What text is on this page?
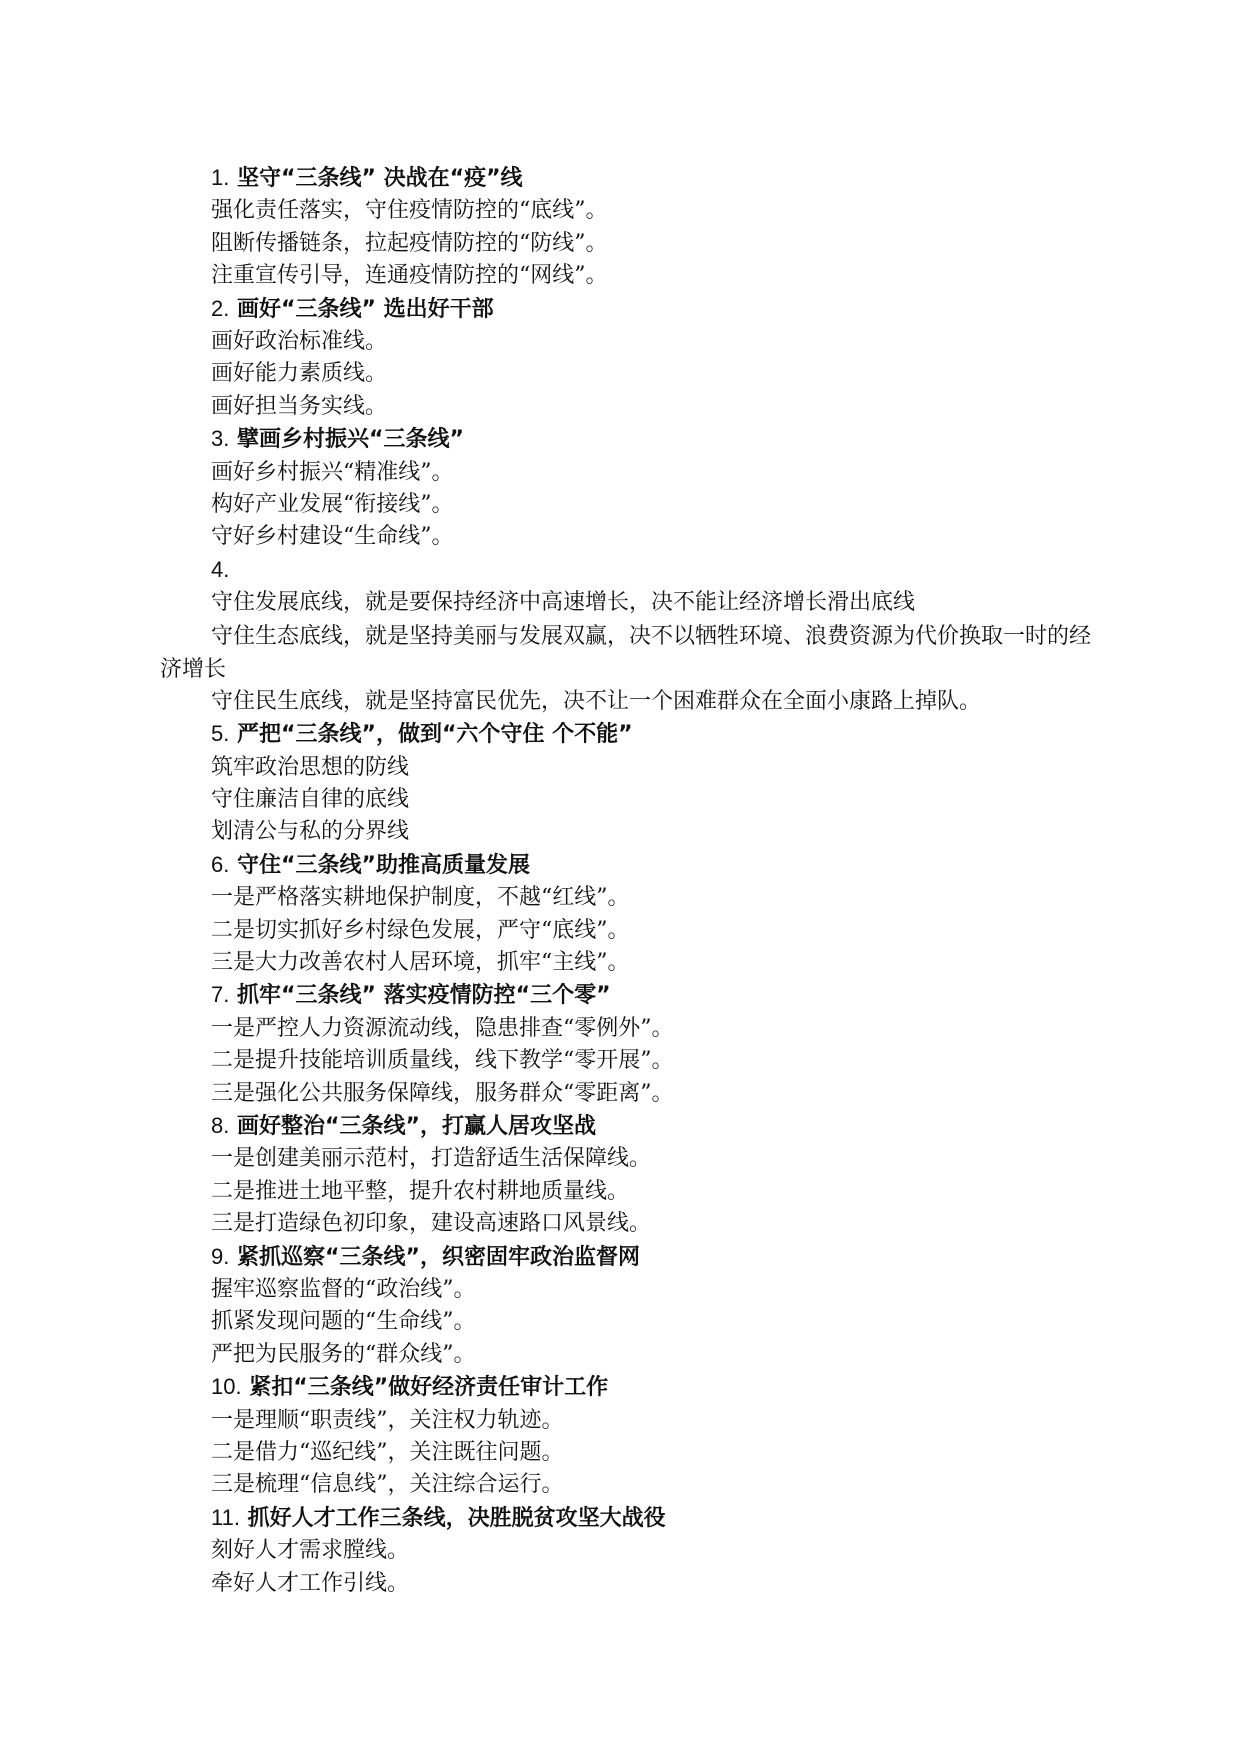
1. 坚守“三条线” 决战在“疫”线
强化责任落实，守住疫情防控的“底线”。
阻断传播链条，拉起疫情防控的“防线”。
注重宣传引导，连通疫情防控的“网线”。
2. 画好“三条线” 选出好干部
画好政治标准线。
画好能力素质线。
画好担当务实线。
3. 擘画乡村振兴“三条线”
画好乡村振兴“精准线”。
构好产业发展“衔接线”。
守好乡村建设“生命线”。
4.
守住发展底线，就是要保持经济中高速增长，决不能让经济增长滑出底线
守住生态底线，就是坚持美丽与发展双赢，决不以牺牲环境、浪费资源为代价换取一时的经济增长
守住民生底线，就是坚持富民优先，决不让一个困难群众在全面小康路上掉队。
5. 严把“三条线”，做到“六个守住 个不能”
筑牢政治思想的防线
守住廉洁自律的底线
划清公与私的分界线
6. 守住“三条线”助推高质量发展
一是严格落实耕地保护制度，不越“红线”。
二是切实抓好乡村绿色发展，严守“底线”。
三是大力改善农村人居环境，抓牢“主线”。
7. 抓牢“三条线” 落实疫情防控“三个零”
一是严控人力资源流动线，隐患排查“零例外”。
二是提升技能培训质量线，线下教学“零开展”。
三是强化公共服务保障线，服务群众“零距离”。
8. 画好整治“三条线”，打赢人居攻坚战
一是创建美丽示范村，打造舒适生活保障线。
二是推进土地平整，提升农村耕地质量线。
三是打造绿色初印象，建设高速路口风景线。
9. 紧抓巡察“三条线”，织密固牢政治监督网
握牢巡察监督的“政治线”。
抓紧发现问题的“生命线”。
严把为民服务的“群众线”。
10. 紧扣“三条线”做好经济责任审计工作
一是理顺“职责线”，关注权力轨迹。
二是借力“巡纪线”，关注既往问题。
三是梳理“信息线”，关注综合运行。
11. 抓好人才工作三条线，决胜脱贫攻坚大战役
刻好人才需求膛线。
牵好人才工作引线。
